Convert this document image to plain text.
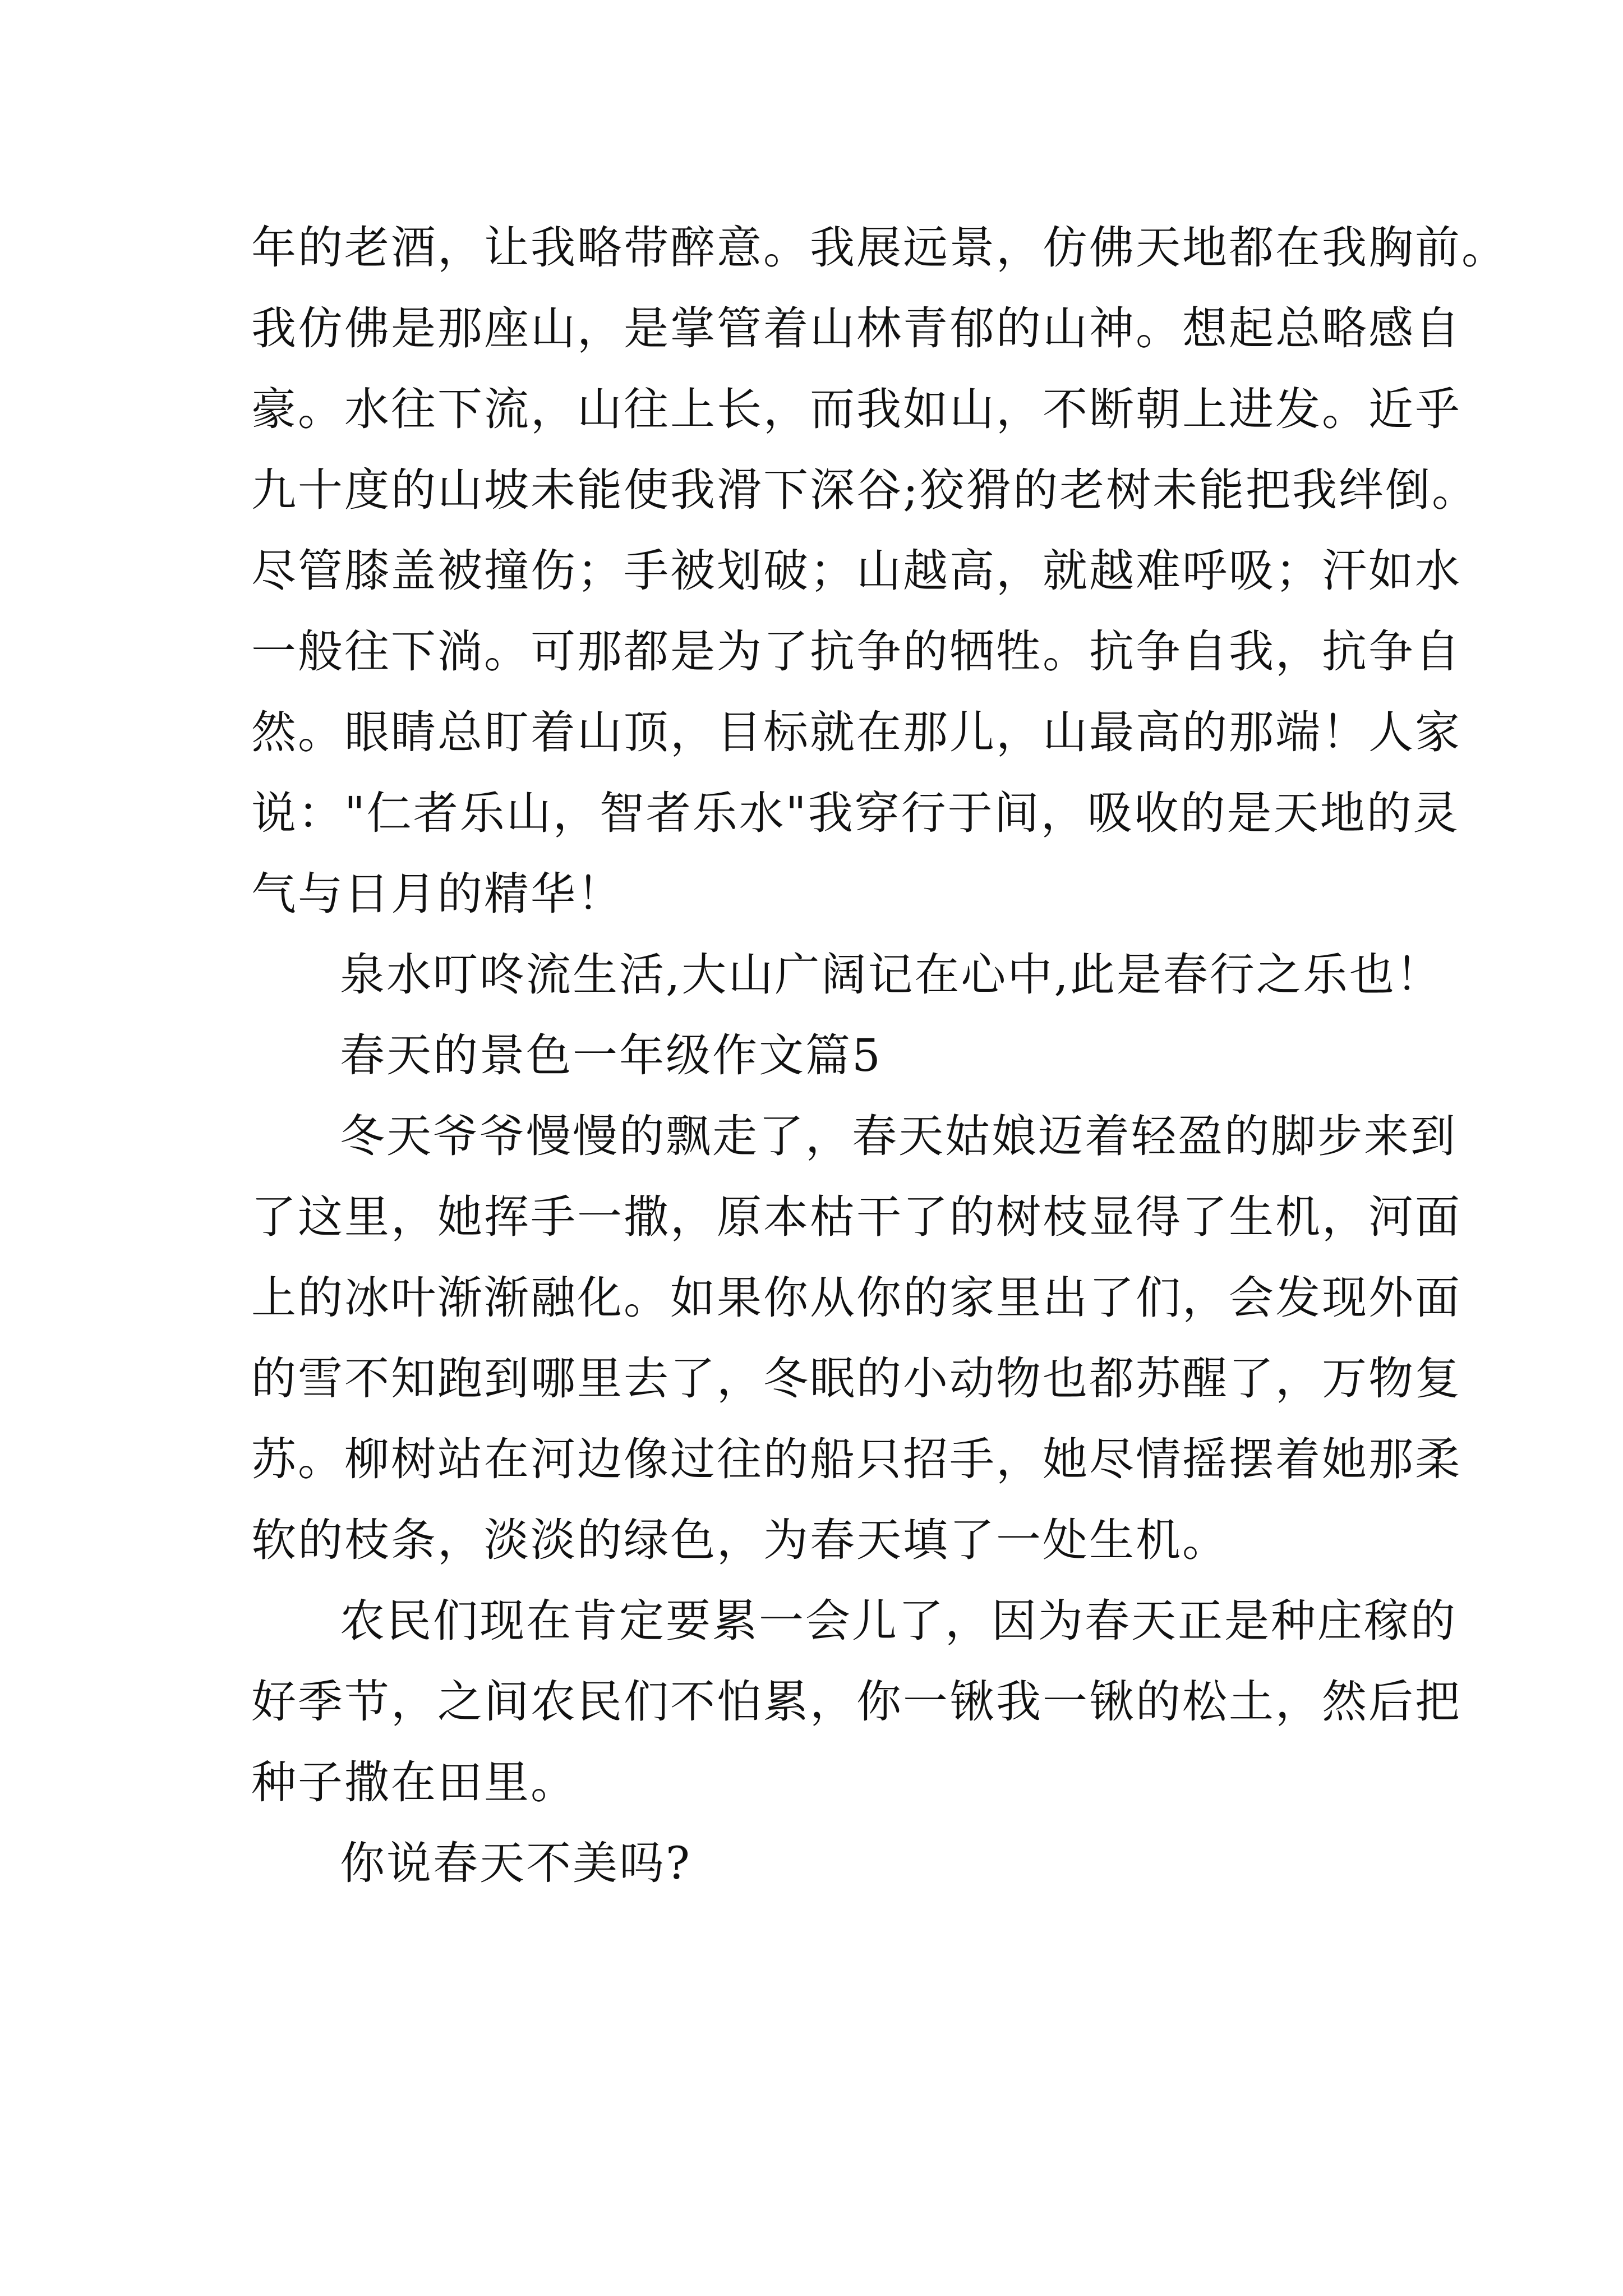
年的老酒，让我略带醉意。我展远景，仿佛天地都在我胸前。
我仿佛是那座山，是掌管着山林青郁的山神。想起总略感自
豪。水往下流，山往上长，而我如山，不断朝上进发。近乎
九十度的山坡未能使我滑下深谷;狡猾的老树未能把我绊倒。
尽管膝盖被撞伤；手被划破；山越高，就越难呼吸；汗如水
一般往下淌。可那都是为了抗争的牺牲。抗争自我，抗争自
然。眼睛总盯着山顶，目标就在那儿，山最高的那端！人家
说："仁者乐山，智者乐水"我穿行于间，吸收的是天地的灵
气与日月的精华！
泉水叮咚流生活,大山广阔记在心中,此是春行之乐也！
春天的景色一年级作文篇5
冬天爷爷慢慢的飘走了，春天姑娘迈着轻盈的脚步来到
了这里，她挥手一撒，原本枯干了的树枝显得了生机，河面
上的冰叶渐渐融化。如果你从你的家里出了们，会发现外面
的雪不知跑到哪里去了，冬眠的小动物也都苏醒了，万物复
苏。柳树站在河边像过往的船只招手，她尽情摇摆着她那柔
软的枝条，淡淡的绿色，为春天填了一处生机。
农民们现在肯定要累一会儿了，因为春天正是种庄稼的
好季节，之间农民们不怕累，你一锹我一锹的松土，然后把
种子撒在田里。
你说春天不美吗?
